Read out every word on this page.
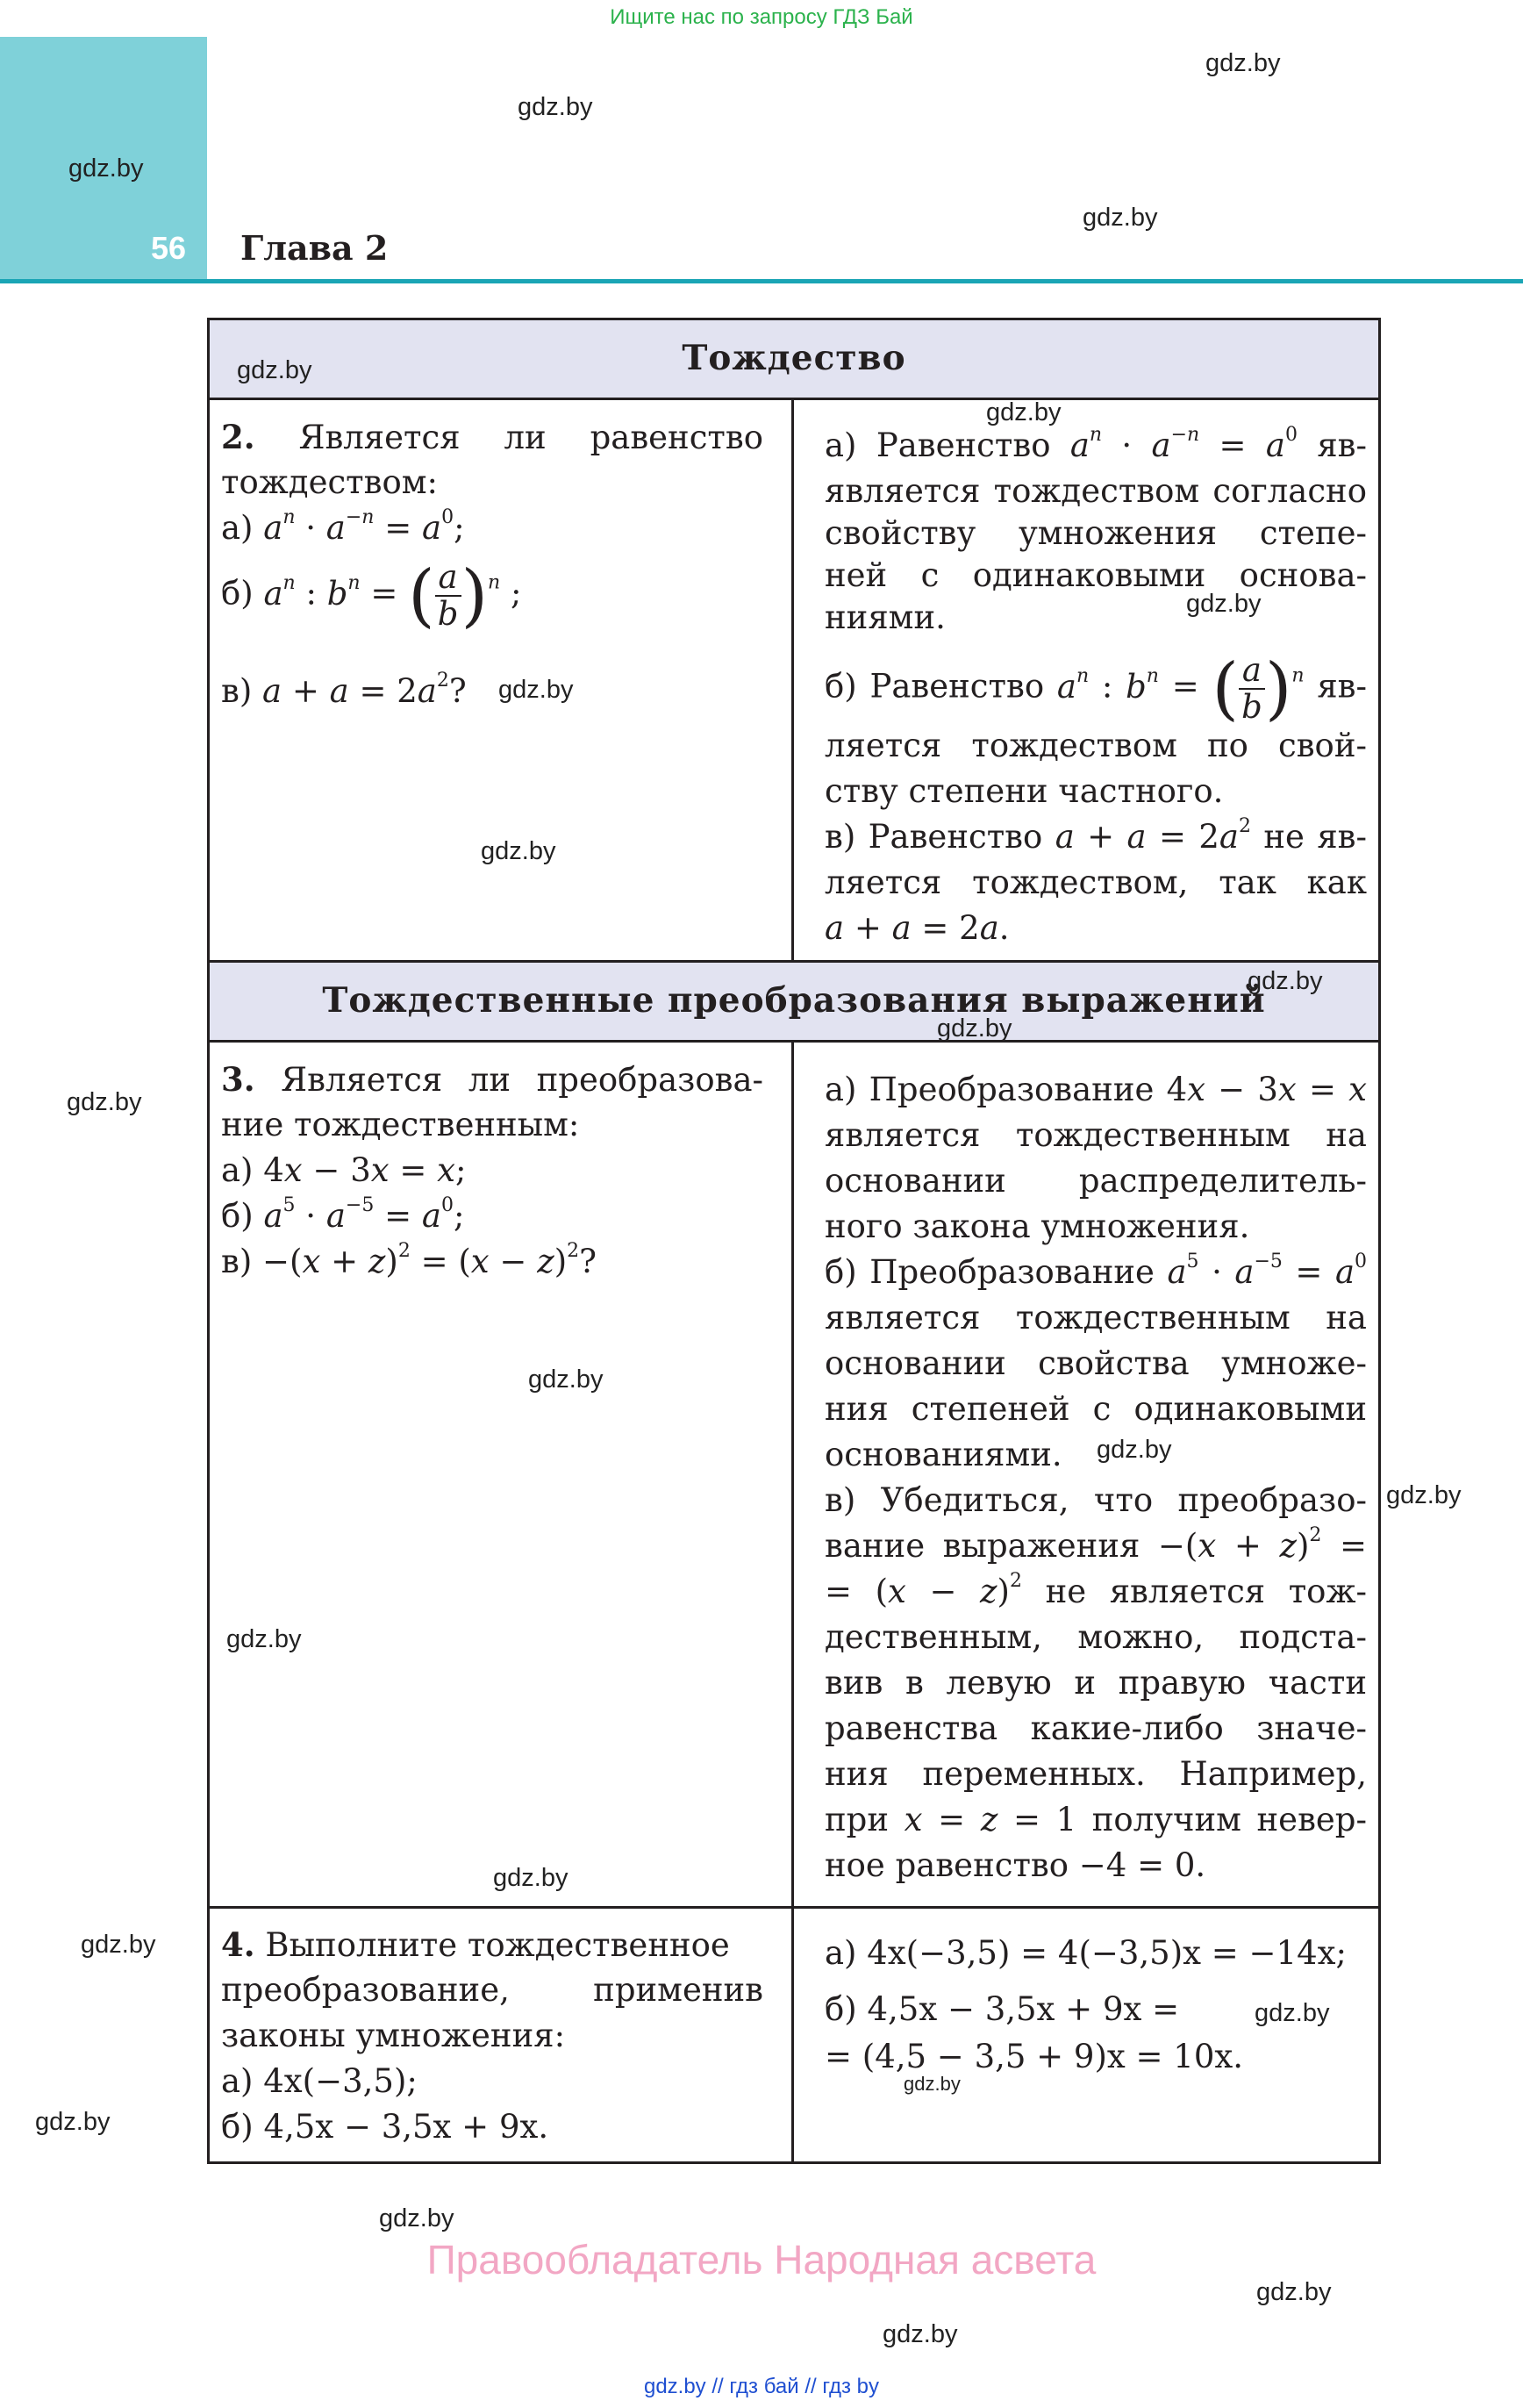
Ищите нас по запросу ГДЗ Бай
56 Глава 2
gdz.by
gdz.by
gdz.by
gdz.by
Тождество
gdz.by
2. Является ли равенство
тождеством:
а) $a^n \cdot a^{-n} = a^0$;
б) $a^n$ : $b^n$ = ( $\frac{a}{b} )^n$ ;
в) $a + a = 2a^2$? gdz.by
gdz.by
gdz.by
а) Равенство $a^n \cdot a^{-n} = a^0$ яв-
является тождеством согласно
свойству умножения степе-
ней с одинаковыми основа-
ниями.	gdz.by
б) Равенство $a^n$ : $b^n$ = ( $\frac{a}{b} )^n$ яв-
ляется тождеством по свой-
ству степени частного.
в) Равенство $a + a = 2a^2$ не яв-
ляется тождеством, так как
a + a = 2a.
Тождественные преобразования выражений
gdz.by
gdz.by
gdz.by
3. Является ли преобразова-
ние тождественным:
а) 4x − 3x = x;
б) $a^5 \cdot a^{-5} = a^0$;
$в) -(x + z)^2 = (x - z)^2$?
gdz.by
gdz.by
gdz.by
а) Преобразование 4x − 3x = x
является тождественным на
основании распределитель-
ного закона умножения.
б) Преобразование $a^5 \cdot a^{-5} = a^0$
является тождественным на
основании свойства умноже-
ния степеней с одинаковыми
основаниями. gdz.by
gdz.by
в) Убедиться, что преобразо-
вание выражения $-(x + z)^2$ =
= $(x - z)^2$ не является тож-
дественным, можно, подста-
вив в левую и правую части
равенства какие-либо значе-
ния переменных. Например,
при x = z = 1 получим невер-
ное равенство −4 = 0.
gdz.by
gdz.by
4. Выполните тождественное
преобразование, применив
законы умножения:
а) 4x(−3,5);
б) 4,5x − 3,5x + 9x.
а) 4x(−3,5) = 4(−3,5)x = −14x;
б) 4,5x − 3,5x + 9x =
= (4,5 − 3,5 + 9)x = 10x.
gdz.by
gdz.by
gdz.by
gdz.by
gdz.by
Правообладатель Народная асвета
gdz.by // гдз бай // гдз by
